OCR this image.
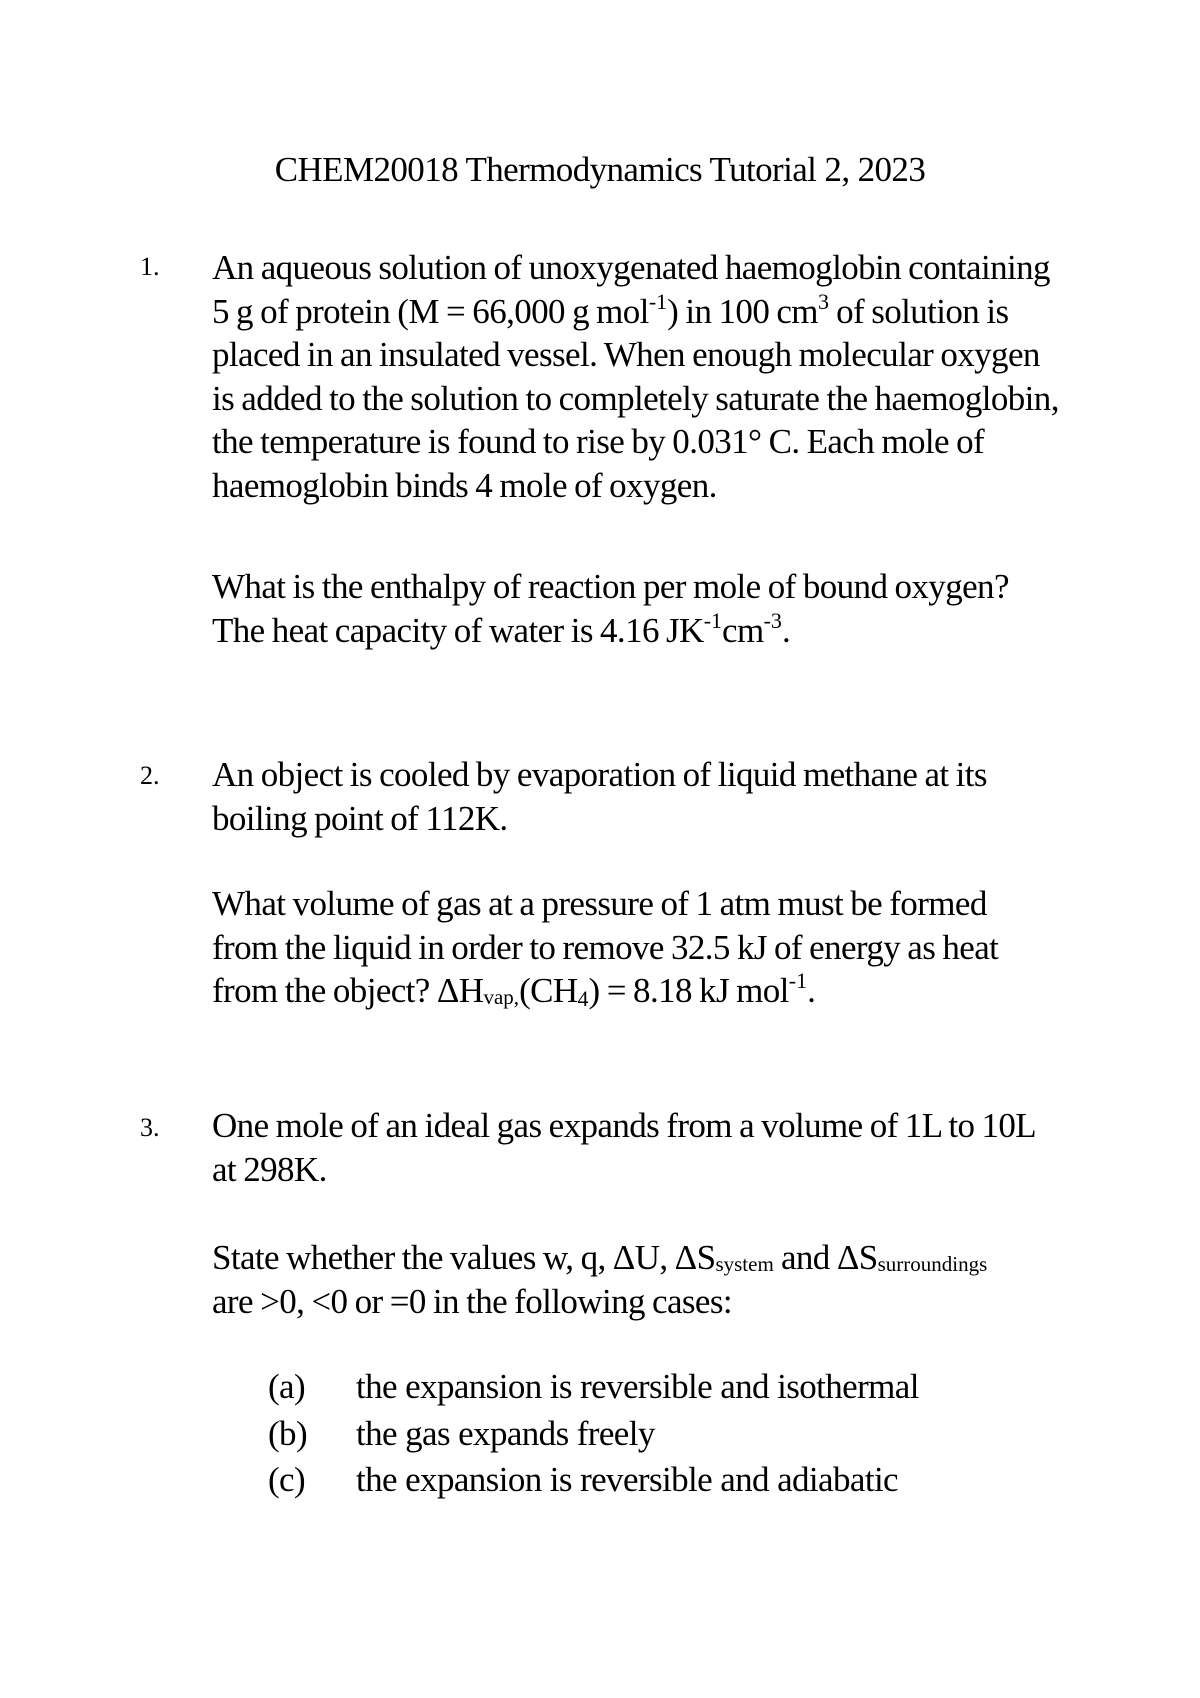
CHEM20018 Thermodynamics Tutorial 2, 2023
1. An aqueous solution of unoxygenated haemoglobin containing
5 g of protein (M = 66,000 g mol$^{-1}$) in 100 $cm^3$ of solution is
placed in an insulated vessel. When enough molecular oxygen
is added to the solution to completely saturate the haemoglobin,
the temperature is found to rise by 0.031° C. Each mole of
haemoglobin binds 4 mole of oxygen.
What is the enthalpy of reaction per mole of bound oxygen?
The heat capacity of water is 4.16 $JK^{-1}cm^{-3}$.
2. An object is cooled by evaporation of liquid methane at its
boiling point of 112K.
What volume of gas at a pressure of 1 atm must be formed
from the liquid in order to remove 32.5 kJ of energy as heat
from the object? ΔHvap,(CH4) = 8.18 kJ mol$^{-1}$.
3. One mole of an ideal gas expands from a volume of 1L to 10L
at 298K.
State whether the values w, q, ΔU, ΔSsystem and ΔSsurroundings
are >0, <0 or =0 in the following cases:
(a) the expansion is reversible and isothermal
(b) the gas expands freely
(c) the expansion is reversible and adiabatic
